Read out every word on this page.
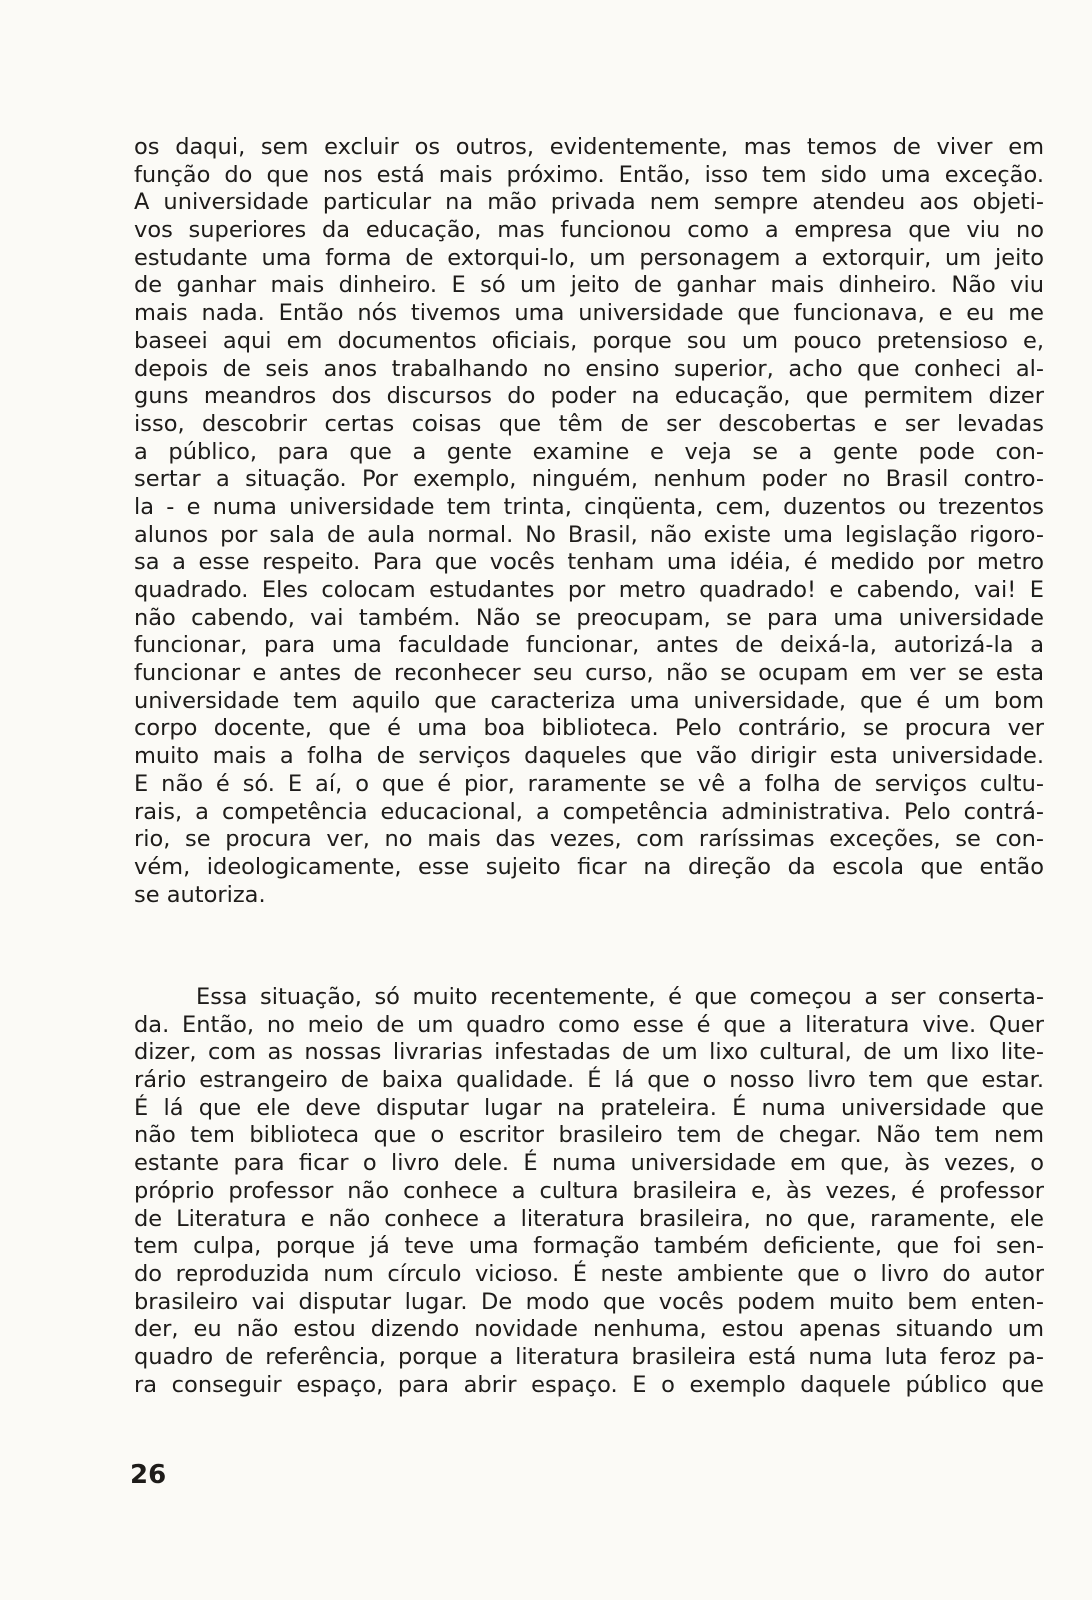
os daqui, sem excluir os outros, evidentemente, mas temos de viver em
função do que nos está mais próximo. Então, isso tem sido uma exceção.
A universidade particular na mão privada nem sempre atendeu aos objeti-
vos superiores da educação, mas funcionou como a empresa que viu no
estudante uma forma de extorqui-lo, um personagem a extorquir, um jeito
de ganhar mais dinheiro. E só um jeito de ganhar mais dinheiro. Não viu
mais nada. Então nós tivemos uma universidade que funcionava, e eu me
baseei aqui em documentos oficiais, porque sou um pouco pretensioso e,
depois de seis anos trabalhando no ensino superior, acho que conheci al-
guns meandros dos discursos do poder na educação, que permitem dizer
isso, descobrir certas coisas que têm de ser descobertas e ser levadas
a público, para que a gente examine e veja se a gente pode con-
sertar a situação. Por exemplo, ninguém, nenhum poder no Brasil contro-
la - e numa universidade tem trinta, cinqüenta, cem, duzentos ou trezentos
alunos por sala de aula normal. No Brasil, não existe uma legislação rigoro-
sa a esse respeito. Para que vocês tenham uma idéia, é medido por metro
quadrado. Eles colocam estudantes por metro quadrado! e cabendo, vai! E
não cabendo, vai também. Não se preocupam, se para uma universidade
funcionar, para uma faculdade funcionar, antes de deixá-la, autorizá-la a
funcionar e antes de reconhecer seu curso, não se ocupam em ver se esta
universidade tem aquilo que caracteriza uma universidade, que é um bom
corpo docente, que é uma boa biblioteca. Pelo contrário, se procura ver
muito mais a folha de serviços daqueles que vão dirigir esta universidade.
E não é só. E aí, o que é pior, raramente se vê a folha de serviços cultu-
rais, a competência educacional, a competência administrativa. Pelo contrá-
rio, se procura ver, no mais das vezes, com raríssimas exceções, se con-
vém, ideologicamente, esse sujeito ficar na direção da escola que então
se autoriza.
Essa situação, só muito recentemente, é que começou a ser conserta-
da. Então, no meio de um quadro como esse é que a literatura vive. Quer
dizer, com as nossas livrarias infestadas de um lixo cultural, de um lixo lite-
rário estrangeiro de baixa qualidade. É lá que o nosso livro tem que estar.
É lá que ele deve disputar lugar na prateleira. É numa universidade que
não tem biblioteca que o escritor brasileiro tem de chegar. Não tem nem
estante para ficar o livro dele. É numa universidade em que, às vezes, o
próprio professor não conhece a cultura brasileira e, às vezes, é professor
de Literatura e não conhece a literatura brasileira, no que, raramente, ele
tem culpa, porque já teve uma formação também deficiente, que foi sen-
do reproduzida num círculo vicioso. É neste ambiente que o livro do autor
brasileiro vai disputar lugar. De modo que vocês podem muito bem enten-
der, eu não estou dizendo novidade nenhuma, estou apenas situando um
quadro de referência, porque a literatura brasileira está numa luta feroz pa-
ra conseguir espaço, para abrir espaço. E o exemplo daquele público que
26
